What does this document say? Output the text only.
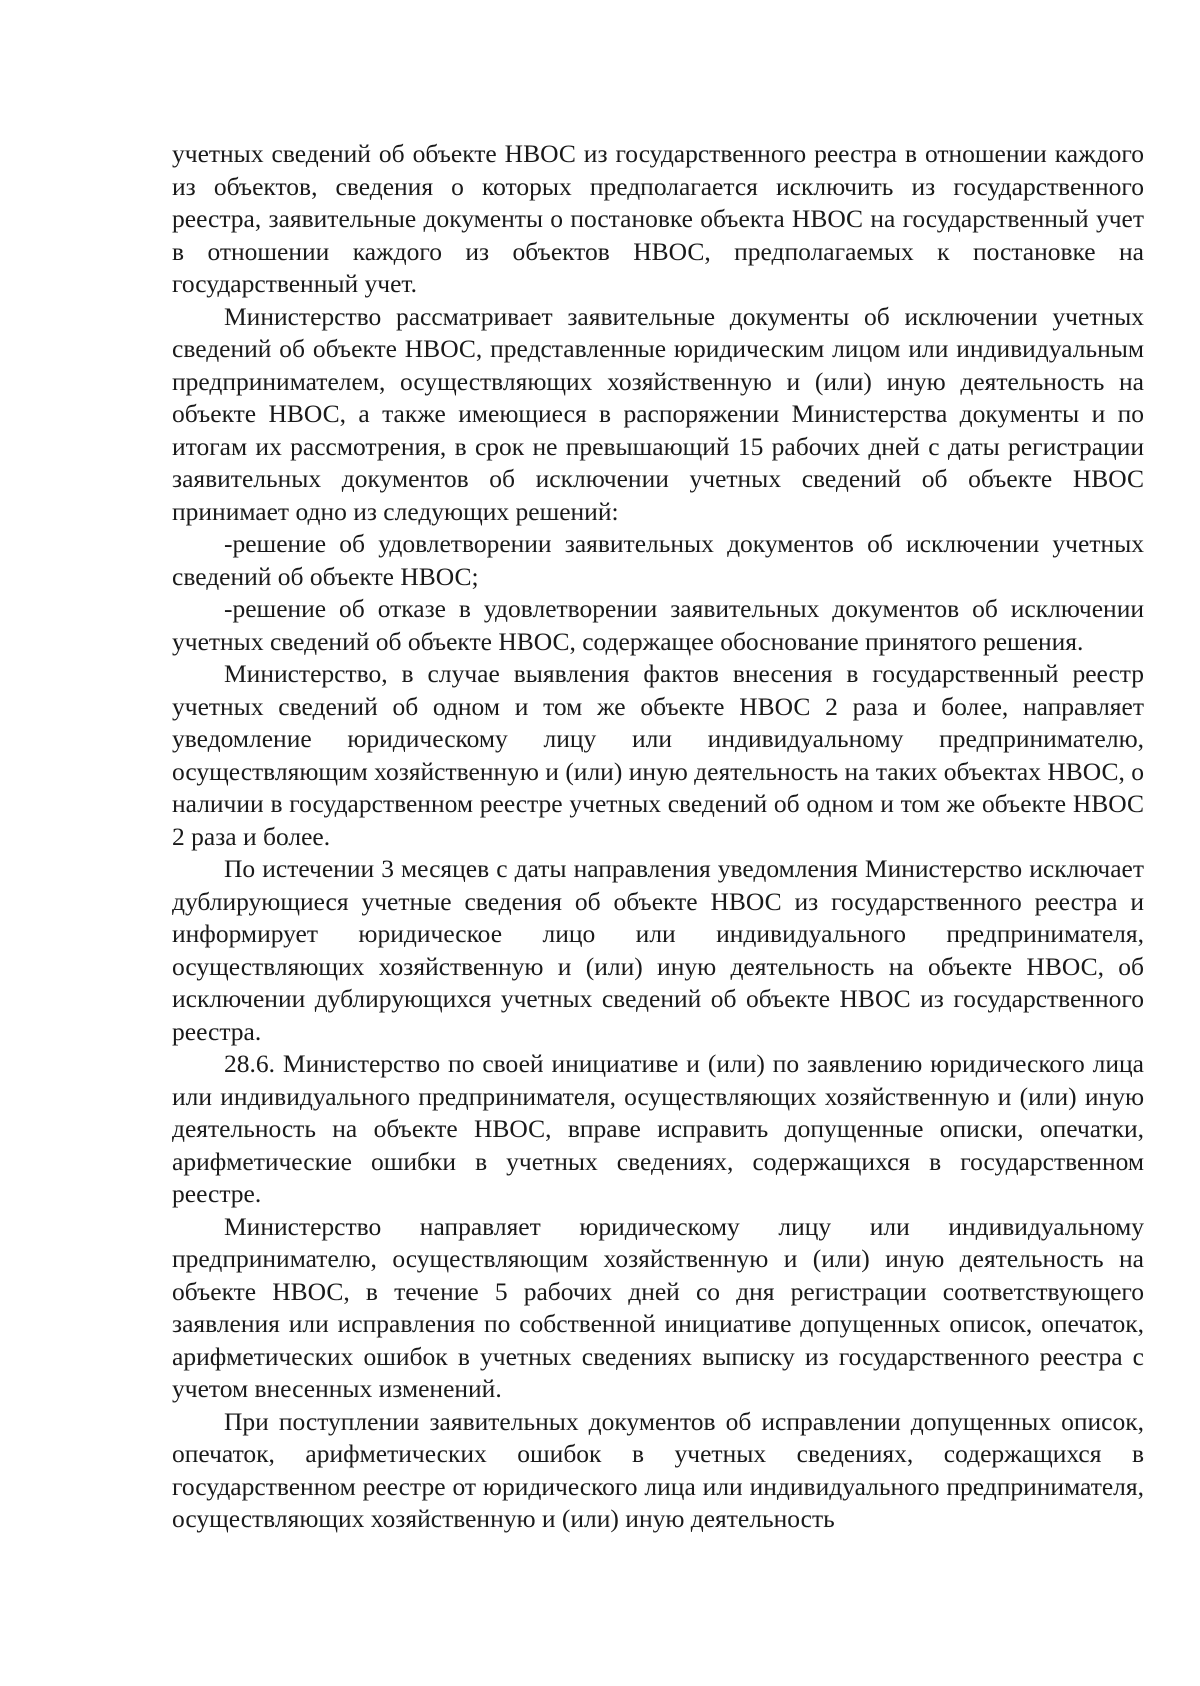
учетных сведений об объекте НВОС из государственного реестра в отношении каждого из объектов, сведения о которых предполагается исключить из государственного реестра, заявительные документы о постановке объекта НВОС на государственный учет в отношении каждого из объектов НВОС, предполагаемых к постановке на государственный учет.

Министерство рассматривает заявительные документы об исключении учетных сведений об объекте НВОС, представленные юридическим лицом или индивидуальным предпринимателем, осуществляющих хозяйственную и (или) иную деятельность на объекте НВОС, а также имеющиеся в распоряжении Министерства документы и по итогам их рассмотрения, в срок не превышающий 15 рабочих дней с даты регистрации заявительных документов об исключении учетных сведений об объекте НВОС принимает одно из следующих решений:

-решение об удовлетворении заявительных документов об исключении учетных сведений об объекте НВОС;

-решение об отказе в удовлетворении заявительных документов об исключении учетных сведений об объекте НВОС, содержащее обоснование принятого решения.

Министерство, в случае выявления фактов внесения в государственный реестр учетных сведений об одном и том же объекте НВОС 2 раза и более, направляет уведомление юридическому лицу или индивидуальному предпринимателю, осуществляющим хозяйственную и (или) иную деятельность на таких объектах НВОС, о наличии в государственном реестре учетных сведений об одном и том же объекте НВОС 2 раза и более.

По истечении 3 месяцев с даты направления уведомления Министерство исключает дублирующиеся учетные сведения об объекте НВОС из государственного реестра и информирует юридическое лицо или индивидуального предпринимателя, осуществляющих хозяйственную и (или) иную деятельность на объекте НВОС, об исключении дублирующихся учетных сведений об объекте НВОС из государственного реестра.

28.6. Министерство по своей инициативе и (или) по заявлению юридического лица или индивидуального предпринимателя, осуществляющих хозяйственную и (или) иную деятельность на объекте НВОС, вправе исправить допущенные описки, опечатки, арифметические ошибки в учетных сведениях, содержащихся в государственном реестре.

Министерство направляет юридическому лицу или индивидуальному предпринимателю, осуществляющим хозяйственную и (или) иную деятельность на объекте НВОС, в течение 5 рабочих дней со дня регистрации соответствующего заявления или исправления по собственной инициативе допущенных описок, опечаток, арифметических ошибок в учетных сведениях выписку из государственного реестра с учетом внесенных изменений.

При поступлении заявительных документов об исправлении допущенных описок, опечаток, арифметических ошибок в учетных сведениях, содержащихся в государственном реестре от юридического лица или индивидуального предпринимателя, осуществляющих хозяйственную и (или) иную деятельность
